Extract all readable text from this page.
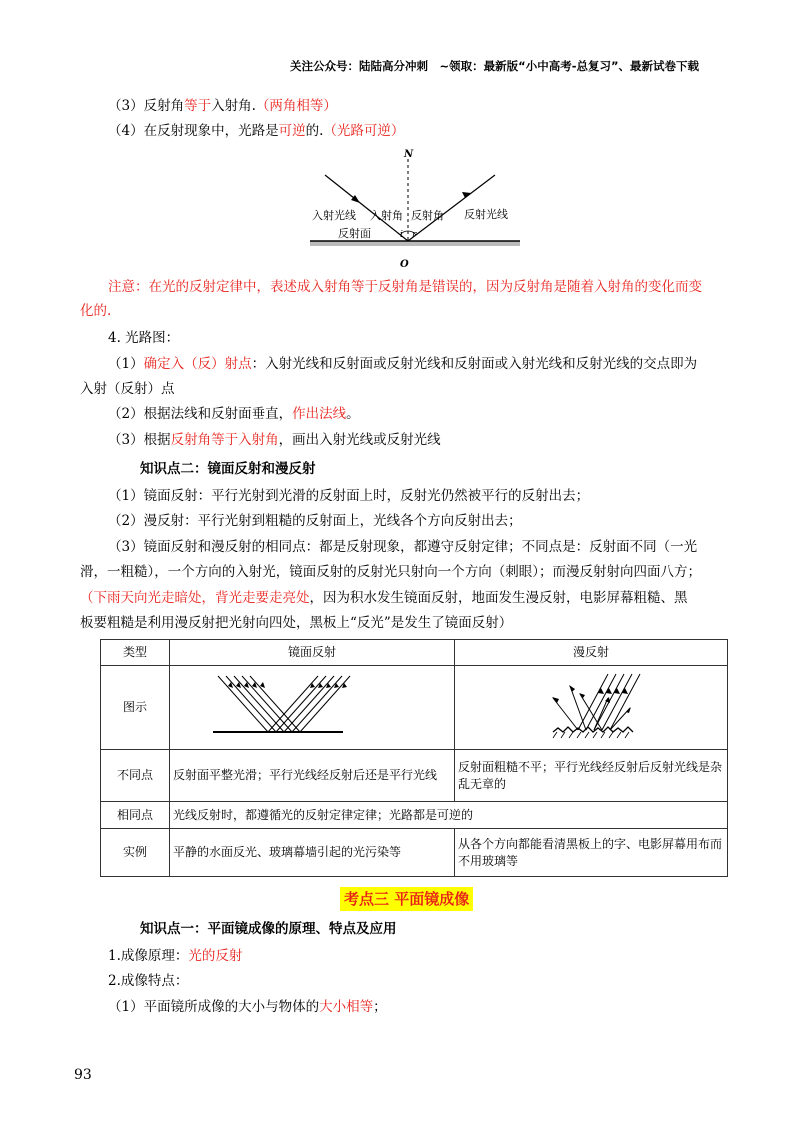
关注公众号：陆陆高分冲刺　~领取：最新版“小中高考-总复习”、最新试卷下载
（3）反射角等于入射角.（两角相等）
（4）在反射现象中，光路是可逆的.（光路可逆）
N
O
入射光线 入射角 反射角 反射光线
反射面	i r
注意：在光的反射定律中，表述成入射角等于反射角是错误的，因为反射角是随着入射角的变化而变
化的.
4. 光路图：
（1）确定入（反）射点：入射光线和反射面或反射光线和反射面或入射光线和反射光线的交点即为
入射（反射）点
（2）根据法线和反射面垂直，作出法线。
（3）根据反射角等于入射角，画出入射光线或反射光线
知识点二：镜面反射和漫反射
（1）镜面反射：平行光射到光滑的反射面上时，反射光仍然被平行的反射出去；
（2）漫反射：平行光射到粗糙的反射面上，光线各个方向反射出去；
（3）镜面反射和漫反射的相同点：都是反射现象，都遵守反射定律；不同点是：反射面不同（一光
滑，一粗糙），一个方向的入射光，镜面反射的反射光只射向一个方向（刺眼）；而漫反射射向四面八方；
（下雨天向光走暗处，背光走要走亮处，因为积水发生镜面反射，地面发生漫反射，电影屏幕粗糙、黑
板要粗糙是利用漫反射把光射向四处，黑板上“反光”是发生了镜面反射）
类型	镜面反射	漫反射
图示		
不同点	反射面平整光滑；平行光线经反射后还是平行光线	反射面粗糙不平；平行光线经反射后反射光线是杂乱无章的
相同点	光线反射时，都遵循光的反射定律定律；光路都是可逆的	
实例	平静的水面反光、玻璃幕墙引起的光污染等	从各个方向都能看清黑板上的字、电影屏幕用布而不用玻璃等
考点三 平面镜成像
知识点一：平面镜成像的原理、特点及应用
1.成像原理：光的反射
2.成像特点：
（1）平面镜所成像的大小与物体的大小相等；
93
